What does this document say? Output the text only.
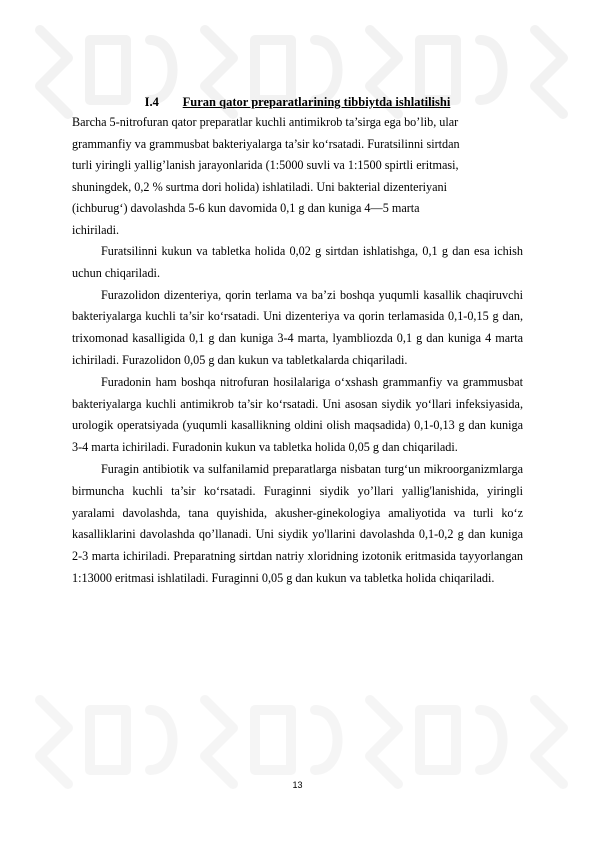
I.4 Furan qator preparatlarining tibbiytda ishlatilishi

Barcha 5-nitrofuran qator preparatlar kuchli antimikrob ta’sirga ega bo’lib, ular
grammanfiy va grammusbat bakteriyalarga ta’sir ko‘rsatadi. Furatsilinni sirtdan
turli yiringli yallig’lanish jarayonlarida (1:5000 suvli va 1:1500 spirtli eritmasi,
shuningdek, 0,2 % surtma dori holida) ishlatiladi. Uni bakterial dizenteriyani
(ichburug‘) davolashda 5-6 kun davomida 0,1 g dan kuniga 4—5 marta
ichiriladi.

Furatsilinni kukun va tabletka holida 0,02 g sirtdan ishlatishga, 0,1 g dan esa ichish uchun chiqariladi.

Furazolidon dizenteriya, qorin terlama va ba’zi boshqa yuqumli kasallik chaqiruvchi bakteriyalarga kuchli ta’sir ko‘rsatadi. Uni dizenteriya va qorin terlamasida 0,1-0,15 g dan, trixomonad kasalligida 0,1 g dan kuniga 3-4 marta, lyambliozda 0,1 g dan kuniga 4 marta ichiriladi. Furazolidon 0,05 g dan kukun va tabletkalarda chiqariladi.

Furadonin ham boshqa nitrofuran hosilalariga o‘xshash grammanfiy va grammusbat bakteriyalarga kuchli antimikrob ta’sir ko‘rsatadi. Uni asosan siydik yo‘llari infeksiyasida, urologik operatsiyada (yuqumli kasallikning oldini olish maqsadida) 0,1-0,13 g dan kuniga 3-4 marta ichiriladi. Furadonin kukun va tabletka holida 0,05 g dan chiqariladi.

Furagin antibiotik va sulfanilamid preparatlarga nisbatan turg‘un mikroorganizmlarga birmuncha kuchli ta’sir ko‘rsatadi. Furaginni siydik yo’llari yallig'lanishida, yiringli yaralami davolashda, tana quyishida, akusher-ginekologiya amaliyotida va turli ko‘z kasalliklarini davolashda qo’llanadi. Uni siydik yo'llarini davolashda 0,1-0,2 g dan kuniga 2-3 marta ichiriladi. Preparatning sirtdan natriy xloridning izotonik eritmasida tayyorlangan 1:13000 eritmasi ishlatiladi. Furaginni 0,05 g dan kukun va tabletka holida chiqariladi.

13
